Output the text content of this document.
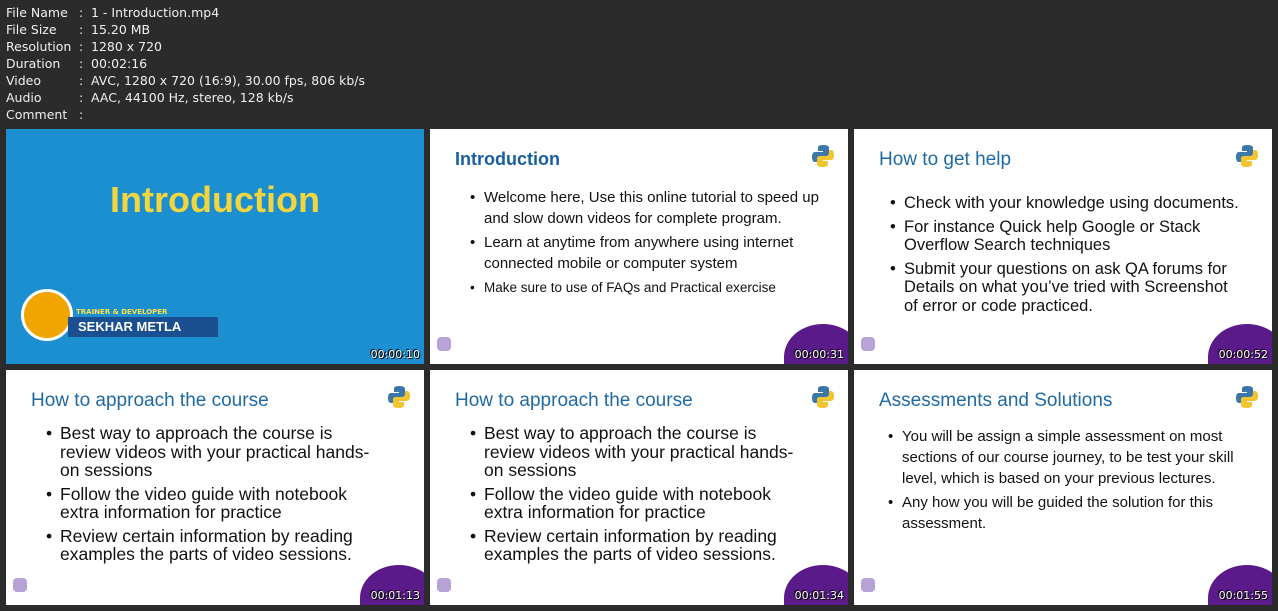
File Name : 1 - Introduction.mp4
File Size	: 15.20 MB
Resolution : 1280 x 720
Duration	: 00:02:16
Video	: AVC, 1280 x 720 (16:9), 30.00 fps, 806 kb/s
Audio	: AAC, 44100 Hz, stereo, 128 kb/s
Comment :
Introduction
TRAINER & DEVELOPER
SEKHAR METLA
00:00:10
Introduction
• Welcome here, Use this online tutorial to speed up and slow down videos for complete program.
• Learn at anytime from anywhere using internet connected mobile or computer system
• Make sure to use of FAQs and Practical exercise
00:00:31
How to get help
• Check with your knowledge using documents.
• For instance Quick help Google or Stack Overflow Search techniques
• Submit your questions on ask QA forums for Details on what you’ve tried with Screenshot of error or code practiced.
00:00:52
How to approach the course
• Best way to approach the course is review videos with your practical hands-on sessions
• Follow the video guide with notebook extra information for practice
• Review certain information by reading examples the parts of video sessions.
00:01:13
How to approach the course
• Best way to approach the course is review videos with your practical hands-on sessions
• Follow the video guide with notebook extra information for practice
• Review certain information by reading examples the parts of video sessions.
00:01:34
Assessments and Solutions
• You will be assign a simple assessment on most sections of our course journey, to be test your skill level, which is based on your previous lectures.
• Any how you will be guided the solution for this assessment.
00:01:55
